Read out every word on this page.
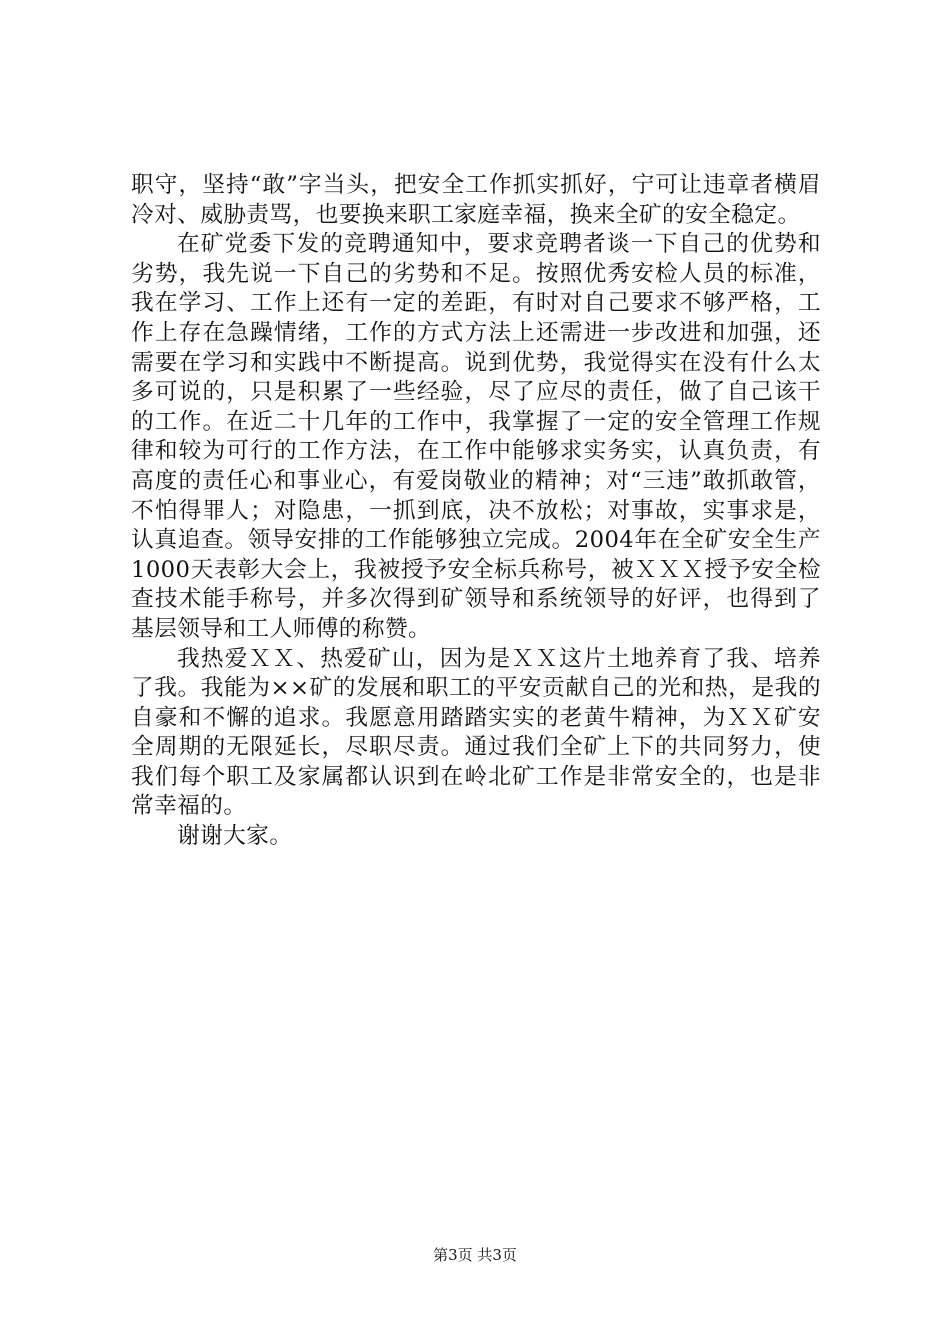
职守，坚持“敢”字当头，把安全工作抓实抓好，宁可让违章者横眉冷对、威胁责骂，也要换来职工家庭幸福，换来全矿的安全稳定。

在矿党委下发的竞聘通知中，要求竞聘者谈一下自己的优势和劣势，我先说一下自己的劣势和不足。按照优秀安检人员的标准，我在学习、工作上还有一定的差距，有时对自己要求不够严格，工作上存在急躁情绪，工作的方式方法上还需进一步改进和加强，还需要在学习和实践中不断提高。说到优势，我觉得实在没有什么太多可说的，只是积累了一些经验，尽了应尽的责任，做了自己该干的工作。在近二十几年的工作中，我掌握了一定的安全管理工作规律和较为可行的工作方法，在工作中能够求实务实，认真负责，有高度的责任心和事业心，有爱岗敬业的精神；对“三违”敢抓敢管，不怕得罪人；对隐患，一抓到底，决不放松；对事故，实事求是，认真追查。领导安排的工作能够独立完成。2004年在全矿安全生产1000天表彰大会上，我被授予安全标兵称号，被ＸＸＸ授予安全检查技术能手称号，并多次得到矿领导和系统领导的好评，也得到了基层领导和工人师傅的称赞。

我热爱ＸＸ、热爱矿山，因为是ＸＸ这片土地养育了我、培养了我。我能为××矿的发展和职工的平安贡献自己的光和热，是我的自豪和不懈的追求。我愿意用踏踏实实的老黄牛精神，为ＸＸ矿安全周期的无限延长，尽职尽责。通过我们全矿上下的共同努力，使我们每个职工及家属都认识到在岭北矿工作是非常安全的，也是非常幸福的。

谢谢大家。

第3页 共3页
